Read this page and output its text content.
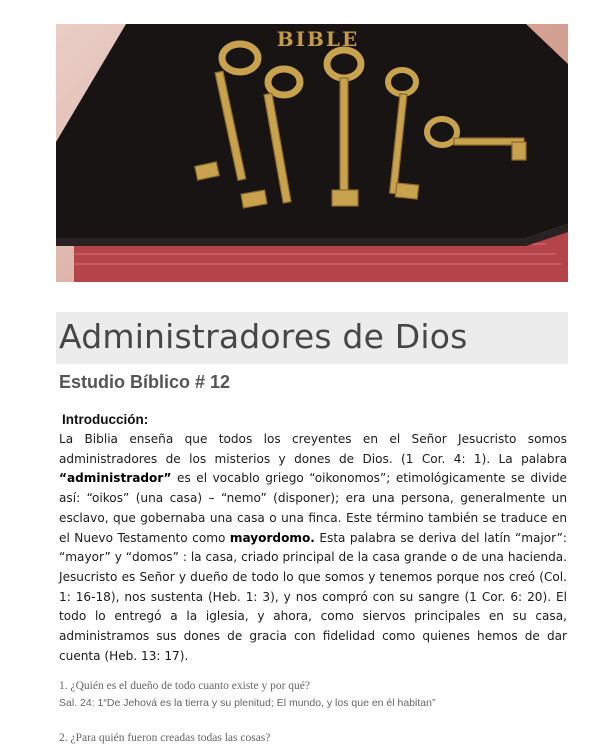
BIBLE
Administradores de Dios
Estudio Bíblico # 12
Introducción:

La Biblia enseña que todos los creyentes en el Señor Jesucristo somos administradores de los misterios y dones de Dios. (1 Cor. 4: 1). La palabra “administrador” es el vocablo griego “oikonomos”; etimológicamente se divide así: “oikos” (una casa) – “nemo” (disponer); era una persona, generalmente un esclavo, que gobernaba una casa o una finca. Este término también se traduce en el Nuevo Testamento como mayordomo. Esta palabra se deriva del latín “major”: “mayor” y “domos” : la casa, criado principal de la casa grande o de una hacienda. Jesucristo es Señor y dueño de todo lo que somos y tenemos porque nos creó (Col. 1: 16-18), nos sustenta (Heb. 1: 3), y nos compró con su sangre (1 Cor. 6: 20). El todo lo entregó a la iglesia, y ahora, como siervos principales en su casa, administramos sus dones de gracia con fidelidad como quienes hemos de dar cuenta (Heb. 13: 17).

1. ¿Quién es el dueño de todo cuanto existe y por qué?

Sal. 24: 1“De Jehová es la tierra y su plenitud; El mundo, y los que en él habitan”

2. ¿Para quién fueron creadas todas las cosas?
